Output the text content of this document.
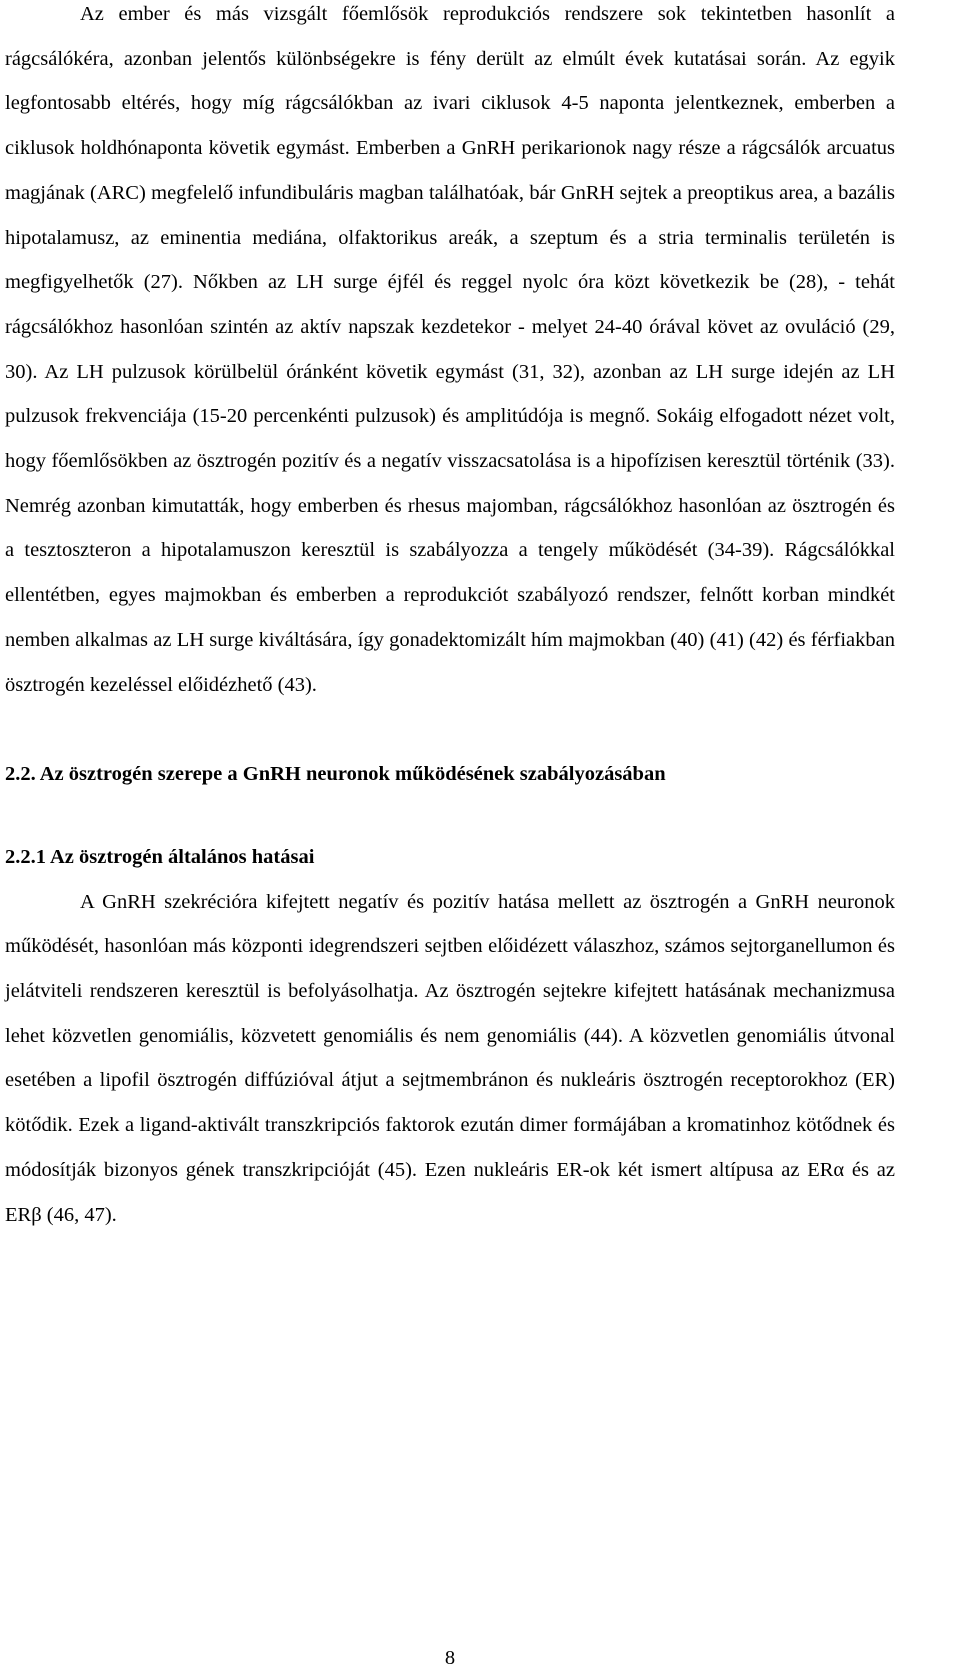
Az ember és más vizsgált főemlősök reprodukciós rendszere sok tekintetben hasonlít a rágcsálókéra, azonban jelentős különbségekre is fény derült az elmúlt évek kutatásai során. Az egyik legfontosabb eltérés, hogy míg rágcsálókban az ivari ciklusok 4-5 naponta jelentkeznek, emberben a ciklusok holdhónaponta követik egymást. Emberben a GnRH perikarionok nagy része a rágcsálók arcuatus magjának (ARC) megfelelő infundibuláris magban találhatóak, bár GnRH sejtek a preoptikus area, a bazális hipotalamusz, az eminentia mediána, olfaktorikus areák, a szeptum és a stria terminalis területén is megfigyelhetők (27). Nőkben az LH surge éjfél és reggel nyolc óra közt következik be (28), - tehát rágcsálókhoz hasonlóan szintén az aktív napszak kezdetekor - melyet 24-40 órával követ az ovuláció (29, 30). Az LH pulzusok körülbelül óránként követik egymást (31, 32), azonban az LH surge idején az LH pulzusok frekvenciája (15-20 percenkénti pulzusok) és amplitúdója is megnő. Sokáig elfogadott nézet volt, hogy főemlősökben az ösztrogén pozitív és a negatív visszacsatolása is a hipofízisen keresztül történik (33). Nemrég azonban kimutatták, hogy emberben és rhesus majomban, rágcsálókhoz hasonlóan az ösztrogén és a tesztoszteron a hipotalamuszon keresztül is szabályozza a tengely működését (34-39). Rágcsálókkal ellentétben, egyes majmokban és emberben a reprodukciót szabályozó rendszer, felnőtt korban mindkét nemben alkalmas az LH surge kiváltására, így gonadektomizált hím majmokban (40) (41) (42) és férfiakban ösztrogén kezeléssel előidézhető (43).

2.2. Az ösztrogén szerepe a GnRH neuronok működésének szabályozásában
2.2.1 Az ösztrogén általános hatásai

A GnRH szekrécióra kifejtett negatív és pozitív hatása mellett az ösztrogén a GnRH neuronok működését, hasonlóan más központi idegrendszeri sejtben előidézett válaszhoz, számos sejtorganellumon és jelátviteli rendszeren keresztül is befolyásolhatja. Az ösztrogén sejtekre kifejtett hatásának mechanizmusa lehet közvetlen genomiális, közvetett genomiális és nem genomiális (44). A közvetlen genomiális útvonal esetében a lipofil ösztrogén diffúzióval átjut a sejtmembránon és nukleáris ösztrogén receptorokhoz (ER) kötődik. Ezek a ligand-aktivált transzkripciós faktorok ezután dimer formájában a kromatinhoz kötődnek és módosítják bizonyos gének transzkripcióját (45). Ezen nukleáris ER-ok két ismert altípusa az ERα és az ERβ (46, 47).

8
